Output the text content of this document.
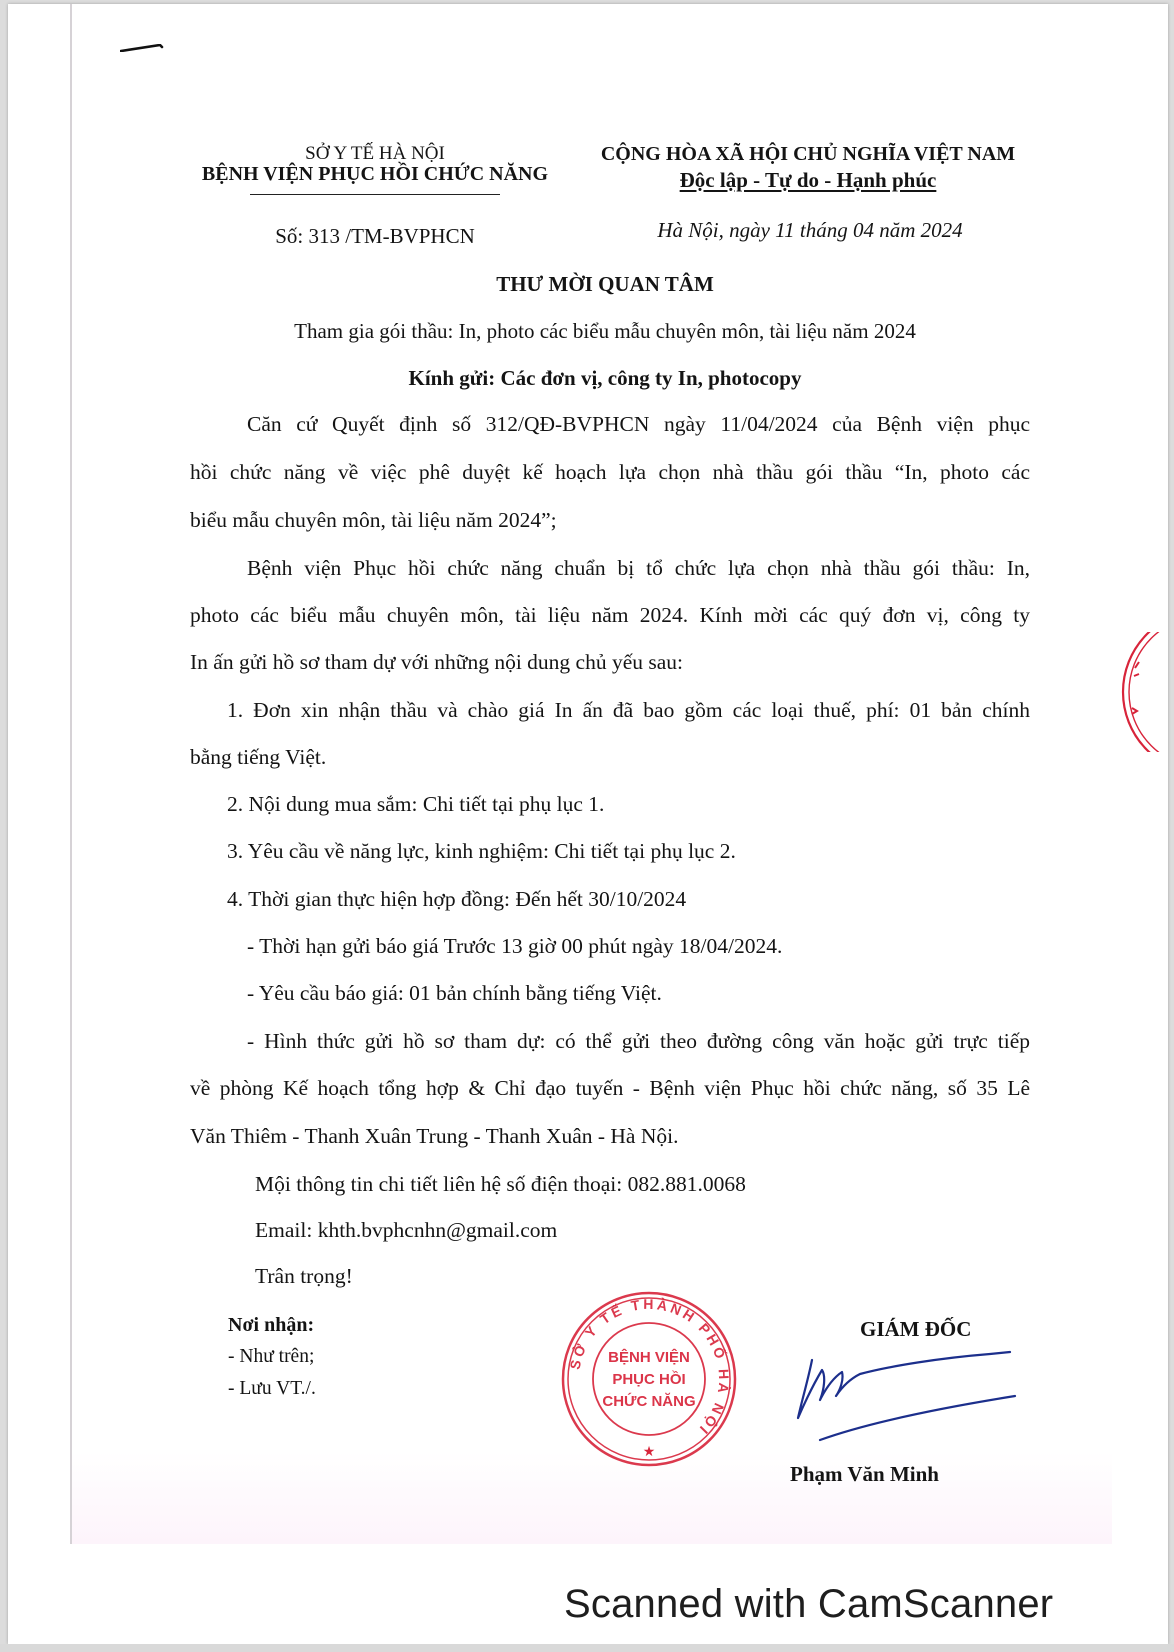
SỞ Y TẾ HÀ NỘI
BỆNH VIỆN PHỤC HỒI CHỨC NĂNG
CỘNG HÒA XÃ HỘI CHỦ NGHĨA VIỆT NAM
Độc lập - Tự do - Hạnh phúc
Số: 313 /TM-BVPHCN	Hà Nội, ngày 11 tháng 04 năm 2024
THƯ MỜI QUAN TÂM
Tham gia gói thầu: In, photo các biểu mẫu chuyên môn, tài liệu năm 2024
Kính gửi: Các đơn vị, công ty In, photocopy
Căn cứ Quyết định số 312/QĐ-BVPHCN ngày 11/04/2024 của Bệnh viện phục
hồi chức năng về việc phê duyệt kế hoạch lựa chọn nhà thầu gói thầu “In, photo các
biểu mẫu chuyên môn, tài liệu năm 2024”;
Bệnh viện Phục hồi chức năng chuẩn bị tổ chức lựa chọn nhà thầu gói thầu: In,
photo các biểu mẫu chuyên môn, tài liệu năm 2024. Kính mời các quý đơn vị, công ty
In ấn gửi hồ sơ tham dự với những nội dung chủ yếu sau:
1. Đơn xin nhận thầu và chào giá In ấn đã bao gồm các loại thuế, phí: 01 bản chính
bằng tiếng Việt.
2. Nội dung mua sắm: Chi tiết tại phụ lục 1.
3. Yêu cầu về năng lực, kinh nghiệm: Chi tiết tại phụ lục 2.
4. Thời gian thực hiện hợp đồng: Đến hết 30/10/2024
- Thời hạn gửi báo giá Trước 13 giờ 00 phút ngày 18/04/2024.
- Yêu cầu báo giá: 01 bản chính bằng tiếng Việt.
- Hình thức gửi hồ sơ tham dự: có thể gửi theo đường công văn hoặc gửi trực tiếp
về phòng Kế hoạch tổng hợp & Chỉ đạo tuyến - Bệnh viện Phục hồi chức năng, số 35 Lê
Văn Thiêm - Thanh Xuân Trung - Thanh Xuân - Hà Nội.
Mội thông tin chi tiết liên hệ số điện thoại: 082.881.0068
Email: khth.bvphcnhn@gmail.com
Trân trọng!
Nơi nhận:
- Như trên;
- Lưu VT./.
GIÁM ĐỐC
Phạm Văn Minh
SỞ Y TẾ THÀNH PHỐ HÀ NỘI
BỆNH VIỆN
PHỤC HỒI
CHỨC NĂNG
★
Scanned with CamScanner
